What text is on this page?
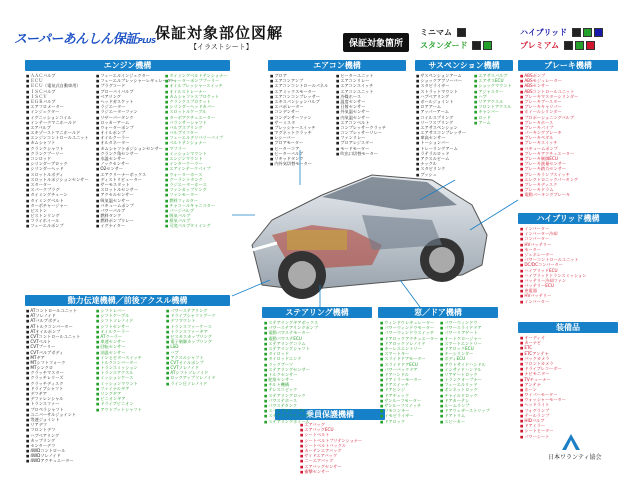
スーパーあんしん保証PLUS 保証対象部位図解
【イラストシート】	保証対象箇所
ミニマム
スタンダード
ハイブリッド
プレミアム
エンジン機構	エアコン機構	サスペンション機構	ブレーキ機構
ハイブリッド機構
動力伝達機構／前後アクスル機構
ステアリング機構	窓／ドア機構
装備品
乗員保護機構
■ ＡＡＣバルブ
■ ＥＣＵ
■ ＥＣＵ（電気式自動車用）
■ ＩＳＣバルブ
■ ＩＳＣＶ
■ ＥＧＲバルブ
■ エアフロメーター
■ インジェクター
■ イグニッションコイル
■ インテークマニホールド
■ エアバルブ
■ エキゾーストマニホールド
■ エンジンコントロールユニット
■ カムシャフト
■ クランクシャフト
■ クランクプーリー
■ コンロッド
■ シリンダーブロック
■ シリンダーヘッド
■ スロットルボディ
■ スロットルポジションセンサー
■ スターター
■ スパークプラグ
■ タイミングチェーン
■ タイミングベルト
■ ターボチャージャー
■ ピストン
■ ピストンリング
■ フライホイール
■ フューエルポンプ
■ フューエルインジェクター
■ フューエルプレッシャーレギュレーター
■ プラグコード
■ ブローバイバルブ
■ ベアリング
■ ヘッドガスケット
■ ラジエーター
■ ラジエーターファン
■ リザーバータンク
■ ロッカーアーム
■ ウォーターポンプ
■ オイルポンプ
■ オイルクーラー
■ オルタネーター
■ カムシャフトポジションセンサー
■ クランク角センサー
■ 水温センサー
■ ノックセンサー
■ O2センサー
■ エアクリーナーボックス
■ ディストリビューター
■ サーモスタット
■ スロットルセンサー
■ アクセルセンサー
■ 吸気温センサー
■ バキュームポンプ
■ パワーバルブ
■ 燃料タンク
■ 燃料ポンプリレー
■ イグナイター
■ タイミングベルトテンショナー
■ ウォーターポンププーリー
■ オイルプレッシャースイッチ
■ オイルストレーナー
■ カムシャフトスプロケット
■ クランクスプロケット
■ シリンダーヘッドカバー
■ スロットルケーブル
■ ターボアクチュエーター
■ バランサーシャフト
■ バルブスプリング
■ バルブリフター
■ フューエルデリバリーパイプ
■ ベルトテンショナー
■ マフラー
■ ミッションマウント
■ エンジンマウント
■ インタークーラー
■ エアインテークパイプ
■ ウォーターホース
■ クーラントタンク
■ ラジエーターホース
■ ファンカップリング
■ ファンモーター
■ 燃料フィルター
■ チャコールキャニスター
■ パージバルブ
■ 吸気バルブ
■ 排気バルブ
■ 可変バルブタイミング
■ ブロア
■ エアコンアンプ
■ エアコンコントロールパネル
■ エアミックスモーター
■ エアコンコンプレッサー
■ エキスパンションバルブ
■ エバポレーター
■ コンデンサー
■ コンデンサーファン
■ サーミスタ
■ プレッシャースイッチ
■ マグネットクラッチ
■ レシーバー
■ ブロアモーター
■ ヒーターコア
■ ヒーターバルブ
■ リキッドタンク
■ 内外気切替モーター
■ ヒーターユニット
■ エアコンリレー
■ エアコンスイッチ
■ エアコンユニット
■ 冷媒ホース
■ 温度センサー
■ 日射センサー
■ 外気温センサー
■ 内気温センサー
■ エアコンベルト
■ コンプレッサークラッチ
■ コンプレッサーリレー
■ ファンリレー
■ ブロアレジスター
■ モードモーター
■ 吹出口切替モーター
■ サスペンションアーム
■ ショックアブソーバー
■ スタビライザー
■ ストラットマウント
■ ハブベアリング
■ ボールジョイント
■ ロアアーム
■ アッパーアーム
■ コイルスプリング
■ リーフスプリング
■ エアサスペンション
■ エアサスコンプレッサー
■ 車高センサー
■ トーションバー
■ トレーリングアーム
■ ラテラルロッド
■ アクスルビーム
■ ナックル
■ スタビリンク
■ ブッシュ
■ エアサスバルブ
■ エアサスECU
■ ショックマウント
■ アジャスター
■ ハブ
■ リアアクスル
■ フロントアクスル
■ キャンバー
■ ロッド
■ アーム
■ ABSポンプ
■ ABSモジュレーター
■ ABSセンサー
■ ABSコントロールユニット
■ ブレーキマスターシリンダー
■ ブレーキブースター
■ ブレーキキャリパー
■ ホイールシリンダー
■ プロポーショニングバルブ
■ ブレーキホース
■ ブレーキパイプ
■ パーキングブレーキ
■ ブレーキペダル
■ ブレーキスイッチ
■ バキュームポンプ
■ ブレーキアクチュエーター
■ ブレーキ制御ECU
■ ブレーキ液量センサー
■ ブレーキ踏力センサー
■ ブレーキランプスイッチ
■ エレクトロニックパーキング
■ ブレーキディスク
■ ブレーキドラム
■ 電動パーキングブレーキ
■ インバーター
■ インバーター冷却
■ コンバーター
■ HVバッテリー
■ モーター
■ ジェネレーター
■ パワーコントロールユニット
■ DC/DCコンバーター
■ ハイブリッドECU
■ ハイブリッドトランスミッション
■ バッテリー冷却ファン
■ バッテリーECU
■ 充電器
■ HVバッテリー
■ インバーター
■ オーディオ
■ カーナビ
■ ETC
■ ETCアンテナ
■ バックカメラ
■ フロントカメラ
■ ドライブレコーダー
■ ナビモニター
■ TVチューナー
■ アンテナ
■ ホーン
■ ワイパーモーター
■ ウォッシャーモーター
■ ヘッドライト
■ フォグランプ
■ テールランプ
■ HIDバルブ
■ ドアミラー
■ シートヒーター
■ パワーシート
■ ATコントロールユニット
■ ATソレノイド
■ ATバルブボディ
■ ATトルクコンバーター
■ ATオイルポンプ
■ CVTコントロールユニット
■ CVTベルト
■ CVTプーリー
■ CVTバルブボディ
■ MTギア
■ MTシフトフォーク
■ MTシンクロ
■ クラッチマスター
■ クラッチレリーズ
■ クラッチディスク
■ ドライブシャフト
■ デフギア
■ デファレンシャル
■ トランスファー
■ プロペラシャフト
■ ユニバーサルジョイント
■ 等速ジョイント
■ リアデフ
■ フロントデフ
■ ハブベアリング
■ カップリング
■ センターデフ
■ 4WDコントロール
■ 4WDソレノイド
■ 4WDアクチュエーター
■ シフトレバー
■ シフトケーブル
■ シフトソレノイド
■ シフトセンサー
■ オイルクーラー
■ ATクーラー
■ 車速センサー
■ 回転センサー
■ 油温センサー
■ インヒビタースイッチ
■ トルクコンバーター
■ トランスミッション
■ トランスアクスル
■ ミッションケース
■ ミッションマウント
■ ファイナルギア
■ リングギア
■ ピニオンギア
■ ドライブピニオン
■ アウトプットシャフト
■ パワーステアリング
■ ドライブシャフトブーツ
■ デフマウント
■ トランスファーケース
■ トランスファーギア
■ ビスカスカップリング
■ 電子制御カップリング
■ LSD
■ ハブ
■ アクスルシャフト
■ CVTオイルポンプ
■ CVTソレノイド
■ ATシフトソレノイド
■ ロックアップソレノイド
■ ライン圧ソレノイド
■ ステアリングギアボックス
■ パワーステアリングポンプ
■ 電動パワステモーター
■ 電動パワステECU
■ ステアリングコラム
■ ステアリングシャフト
■ タイロッド
■ タイロッドエンド
■ ラックブーツ
■ ステアリングセンサー
■ トルクセンサー
■ 舵角センサー
■ チルト機構
■ テレスコピック
■ ステアリングロック
■ パワステホース
■ パワステタンク
■ スパイラルケーブル
■ ステアリングスイッチ
■ ステアリングホイール
■ ウィンドウレギュレーター
■ パワーウィンドウモーター
■ パワーウィンドウスイッチ
■ ドアロックアクチュエーター
■ ドアロックソレノイド
■ キーレスエントリー
■ スマートキー
■ スライドドアモーター
■ スライドドアECU
■ パワーバックドア
■ ドアハンドル
■ ドアミラーモーター
■ ドアスイッチ
■ ドアヒンジ
■ ドアチェック
■ サンルーフモーター
■ サンルーフスイッチ
■ リモコンキー
■ イモビライザー
■ ドアロック
■ パワーウィンドウ
■ パワースライドドア
■ パワーリアゲート
■ オートクロージャー
■ スマートエントリー
■ ドアロックECU
■ キーシリンダー
■ ボディECU
■ アウトサイドハンドル
■ インサイドハンドル
■ リアゲートロック
■ トランクオープナー
■ フューエルリッド
■ ボンネットロック
■ チャイルドロック
■ ドアカーテシ
■ ルームランプ
■ ドアウェザーストリップ
■ ドアトリム
■ スピーカー
■ エアバッグ
■ エアバッグECU
■ シートベルト
■ シートベルトプリテンショナー
■ シートベルトバックル
■ カーテンエアバッグ
■ サイドエアバッグ
■ ニーエアバッグ
■ エアバッグセンサー
■ 衝撃センサー
日本ワランティ協会
